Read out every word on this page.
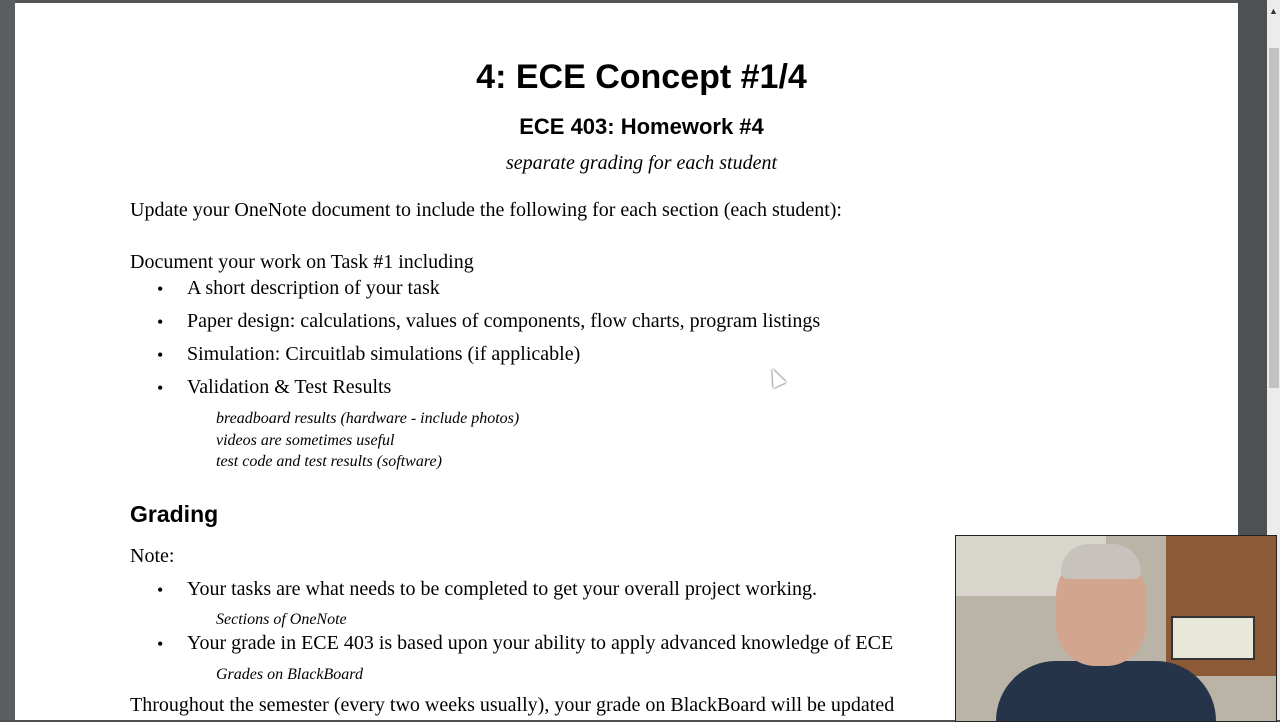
4: ECE Concept #1/4
ECE 403: Homework #4
separate grading for each student
Update your OneNote document to include the following for each section (each student):
Document your work on Task #1 including
• A short description of your task
• Paper design: calculations, values of components, flow charts, program listings
• Simulation: Circuitlab simulations (if applicable)
• Validation & Test Results
breadboard results (hardware - include photos)
videos are sometimes useful
test code and test results (software)
Grading
Note:
• Your tasks are what needs to be completed to get your overall project working.
Sections of OneNote
• Your grade in ECE 403 is based upon your ability to apply advanced knowledge of ECE
Grades on BlackBoard
Throughout the semester (every two weeks usually), your grade on BlackBoard will be updated
▲
